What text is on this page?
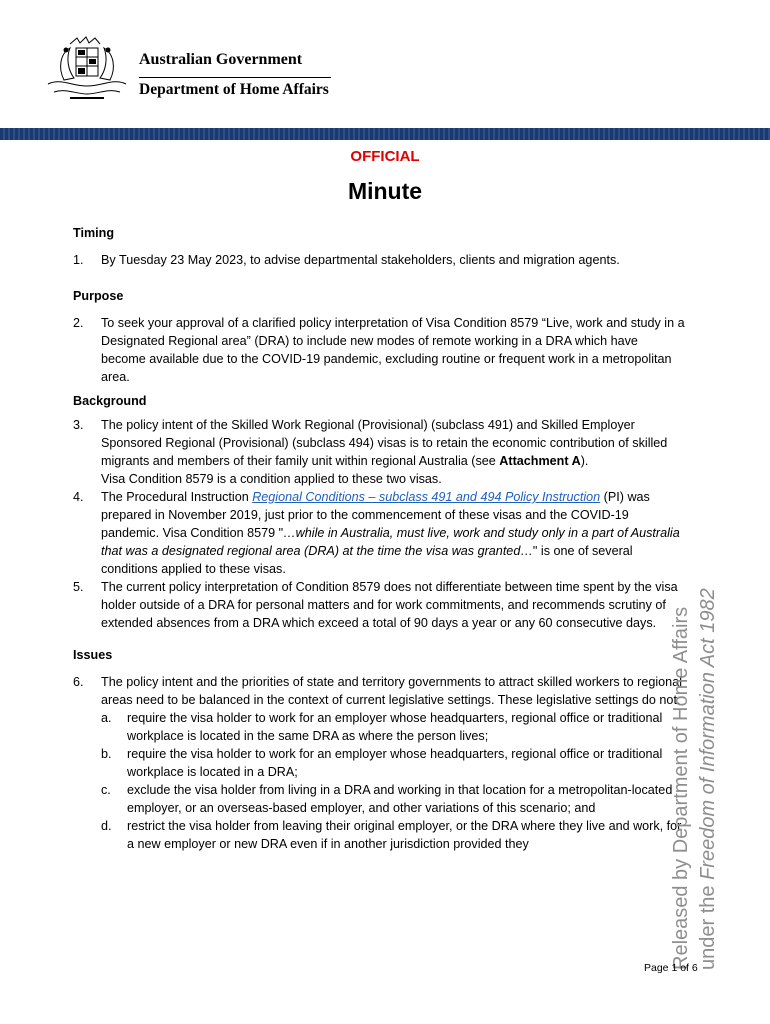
Australian Government
Department of Home Affairs
OFFICIAL
Minute

Timing

1. By Tuesday 23 May 2023, to advise departmental stakeholders, clients and migration agents.

Purpose

2. To seek your approval of a clarified policy interpretation of Visa Condition 8579 “Live, work and study in a Designated Regional area” (DRA) to include new modes of remote working in a DRA which have become available due to the COVID-19 pandemic, excluding routine or frequent work in a metropolitan area.

Background

3. The policy intent of the Skilled Work Regional (Provisional) (subclass 491) and Skilled Employer Sponsored Regional (Provisional) (subclass 494) visas is to retain the economic contribution of skilled migrants and members of their family unit within regional Australia (see Attachment A).
Visa Condition 8579 is a condition applied to these two visas.

4. The Procedural Instruction Regional Conditions – subclass 491 and 494 Policy Instruction (PI) was prepared in November 2019, just prior to the commencement of these visas and the COVID-19 pandemic. Visa Condition 8579 "…while in Australia, must live, work and study only in a part of Australia that was a designated regional area (DRA) at the time the visa was granted…" is one of several conditions applied to these visas.

5. The current policy interpretation of Condition 8579 does not differentiate between time spent by the visa holder outside of a DRA for personal matters and for work commitments, and recommends scrutiny of extended absences from a DRA which exceed a total of 90 days a year or any 60 consecutive days.

Issues

6. The policy intent and the priorities of state and territory governments to attract skilled workers to regional areas need to be balanced in the context of current legislative settings. These legislative settings do not:

a. require the visa holder to work for an employer whose headquarters, regional office or traditional workplace is located in the same DRA as where the person lives;

b. require the visa holder to work for an employer whose headquarters, regional office or traditional workplace is located in a DRA;

c. exclude the visa holder from living in a DRA and working in that location for a metropolitan-located employer, or an overseas-based employer, and other variations of this scenario; and

d. restrict the visa holder from leaving their original employer, or the DRA where they live and work, for a new employer or new DRA even if in another jurisdiction provided they	Released by Department of Home Affairs under the Freedom of Information Act 1982
Page 1 of 6
